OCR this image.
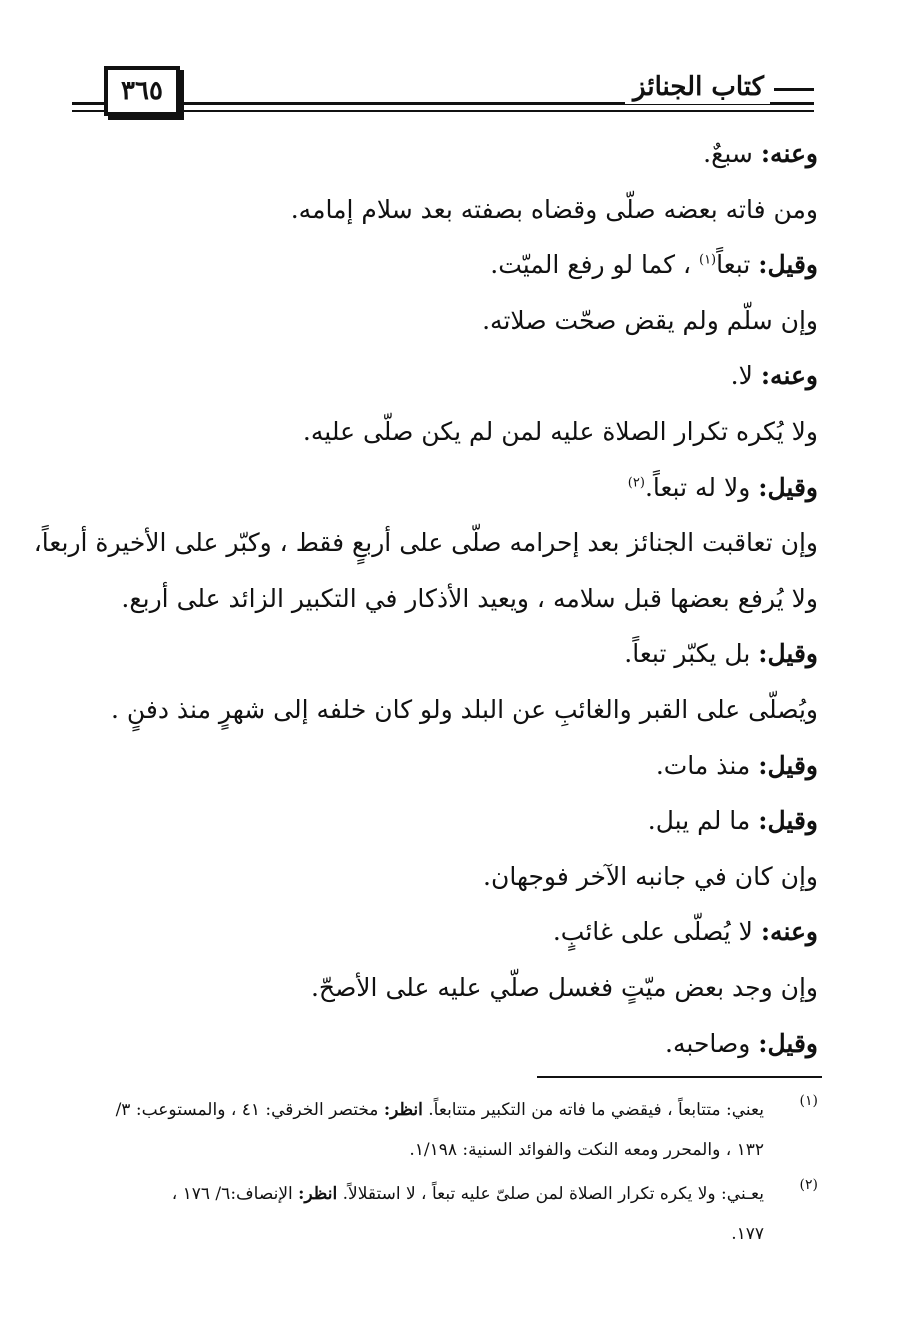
٣٦٥	كتاب الجنائز

وعنه: سبعٌ.

ومن فاته بعضه صلّى وقضاه بصفته بعد سلام إمامه.

وقيل: تبعاً$^{(١)}$ ، كما لو رفع الميّت.

وإن سلّم ولم يقض صحّت صلاته.

وعنه: لا.

ولا يُكره تكرار الصلاة عليه لمن لم يكن صلّى عليه.

وقيل: ولا له تبعاً.$^{(٢)}$

وإن تعاقبت الجنائز بعد إحرامه صلّى على أربعٍ فقط ، وكبّر على الأخيرة أربعاً،

ولا يُرفع بعضها قبل سلامه ، ويعيد الأذكار في التكبير الزائد على أربع.

وقيل: بل يكبّر تبعاً.

ويُصلّى على القبر والغائبِ عن البلد ولو كان خلفه إلى شهرٍ منذ دفنٍ .

وقيل: منذ مات.

وقيل: ما لم يبل.

وإن كان في جانبه الآخر فوجهان.

وعنه: لا يُصلّى على غائبٍ.

وإن وجد بعض ميّتٍ فغسل صلّي عليه على الأصحّ.

وقيل: وصاحبه.

(١)
يعني: متتابعاً ، فيقضي ما فاته من التكبير متتابعاً. انظر: مختصر الخرقي: ٤١ ، والمستوعب: ٣/
١٣٢ ، والمحرر ومعه النكت والفوائد السنية: ١/١٩٨.
(٢)
يعـني: ولا يكره تكرار الصلاة لمن صلىّ عليه تبعاً ، لا استقلالاً. انظر: الإنصاف:٦/ ١٧٦ ،
١٧٧.
